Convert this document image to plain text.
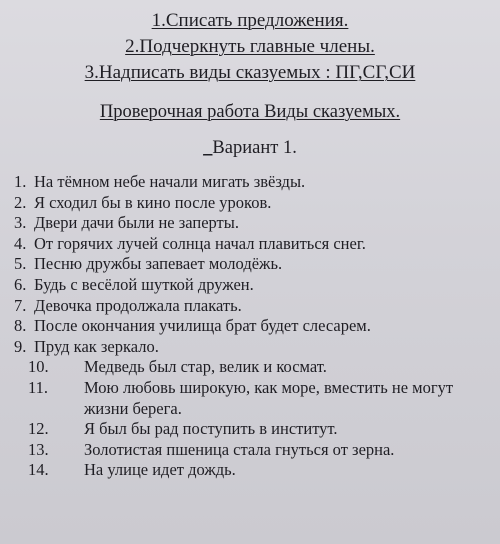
1.Списать предложения.
2.Подчеркнуть главные члены.
3.Надписать виды сказуемых : ПГ,СГ,СИ
Проверочная работа Виды сказуемых.
_Вариант 1.
1. На тёмном небе начали мигать звёзды.
2. Я сходил бы в кино после уроков.
3. Двери дачи были не заперты.
4. От горячих лучей солнца начал плавиться снег.
5. Песню дружбы запевает молодёжь.
6. Будь с весёлой шуткой дружен.
7. Девочка продолжала плакать.
8. После окончания училища брат будет слесарем.
9. Пруд как зеркало.
10.	Медведь был стар, велик и космат.
11.	Мою любовь широкую, как море, вместить не могут жизни берега.
12.	Я был бы рад поступить в институт.
13.	Золотистая пшеница стала гнуться от зерна.
14.	На улице идет дождь.
